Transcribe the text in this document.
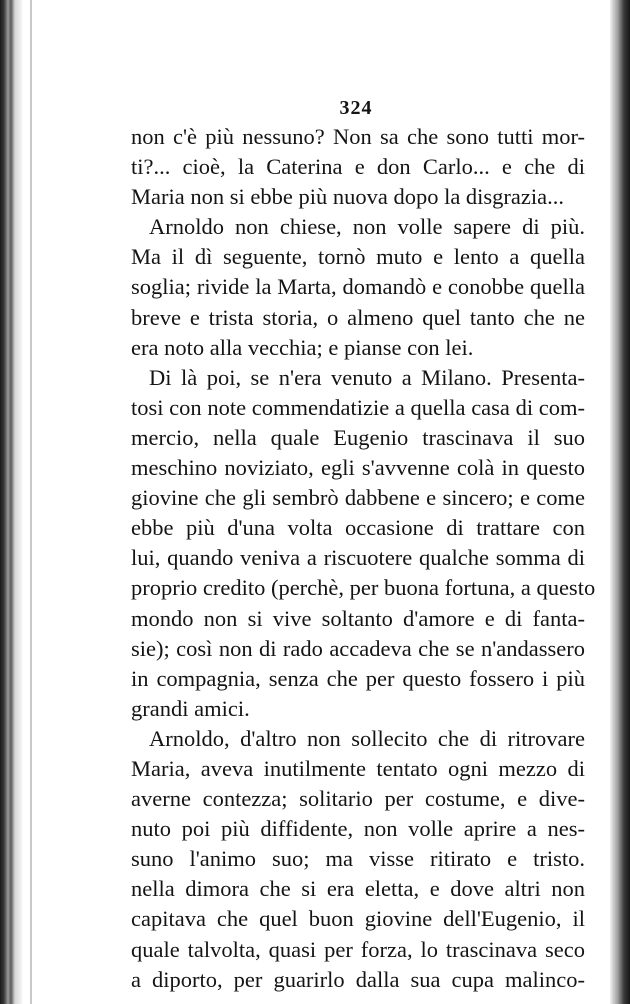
324
non c'è più nessuno? Non sa che sono tutti mor-
ti?... cioè, la Caterina e don Carlo... e che di
Maria non si ebbe più nuova dopo la disgrazia...
Arnoldo non chiese, non volle sapere di più.
Ma il dì seguente, tornò muto e lento a quella
soglia; rivide la Marta, domandò e conobbe quella
breve e trista storia, o almeno quel tanto che ne
era noto alla vecchia; e pianse con lei.
Di là poi, se n'era venuto a Milano. Presenta-
tosi con note commendatizie a quella casa di com-
mercio, nella quale Eugenio trascinava il suo
meschino noviziato, egli s'avvenne colà in questo
giovine che gli sembrò dabbene e sincero; e come
ebbe più d'una volta occasione di trattare con
lui, quando veniva a riscuotere qualche somma di
proprio credito (perchè, per buona fortuna, a questo
mondo non si vive soltanto d'amore e di fanta-
sie); così non di rado accadeva che se n'andassero
in compagnia, senza che per questo fossero i più
grandi amici.
Arnoldo, d'altro non sollecito che di ritrovare
Maria, aveva inutilmente tentato ogni mezzo di
averne contezza; solitario per costume, e dive-
nuto poi più diffidente, non volle aprire a nes-
suno l'animo suo; ma visse ritirato e tristo.
nella dimora che si era eletta, e dove altri non
capitava che quel buon giovine dell'Eugenio, il
quale talvolta, quasi per forza, lo trascinava seco
a diporto, per guarirlo dalla sua cupa malinco-
